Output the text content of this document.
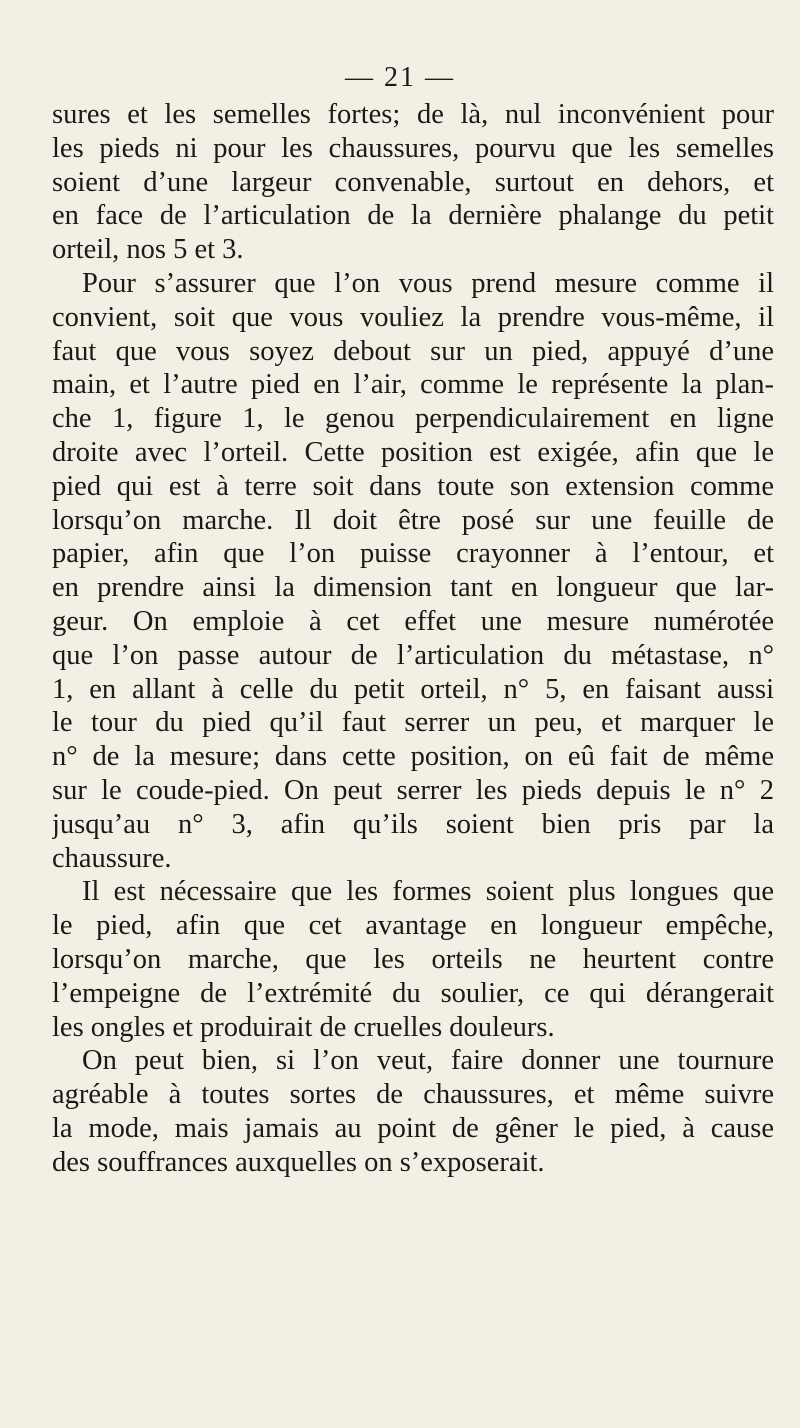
— 21 —
sures et les semelles fortes; de là, nul inconvénient pour
les pieds ni pour les chaussures, pourvu que les semelles
soient d’une largeur convenable, surtout en dehors, et
en face de l’articulation de la dernière phalange du petit
orteil, nos 5 et 3.
Pour s’assurer que l’on vous prend mesure comme il
convient, soit que vous vouliez la prendre vous-même, il
faut que vous soyez debout sur un pied, appuyé d’une
main, et l’autre pied en l’air, comme le représente la plan-
che 1, figure 1, le genou perpendiculairement en ligne
droite avec l’orteil. Cette position est exigée, afin que le
pied qui est à terre soit dans toute son extension comme
lorsqu’on marche. Il doit être posé sur une feuille de
papier, afin que l’on puisse crayonner à l’entour, et
en prendre ainsi la dimension tant en longueur que lar-
geur. On emploie à cet effet une mesure numérotée
que l’on passe autour de l’articulation du métastase, n°
1, en allant à celle du petit orteil, n° 5, en faisant aussi
le tour du pied qu’il faut serrer un peu, et marquer le
n° de la mesure; dans cette position, on eû fait de même
sur le coude-pied. On peut serrer les pieds depuis le n° 2
jusqu’au n° 3, afin qu’ils soient bien pris par la
chaussure.
Il est nécessaire que les formes soient plus longues que
le pied, afin que cet avantage en longueur empêche,
lorsqu’on marche, que les orteils ne heurtent contre
l’empeigne de l’extrémité du soulier, ce qui dérangerait
les ongles et produirait de cruelles douleurs.
On peut bien, si l’on veut, faire donner une tournure
agréable à toutes sortes de chaussures, et même suivre
la mode, mais jamais au point de gêner le pied, à cause
des souffrances auxquelles on s’exposerait.
